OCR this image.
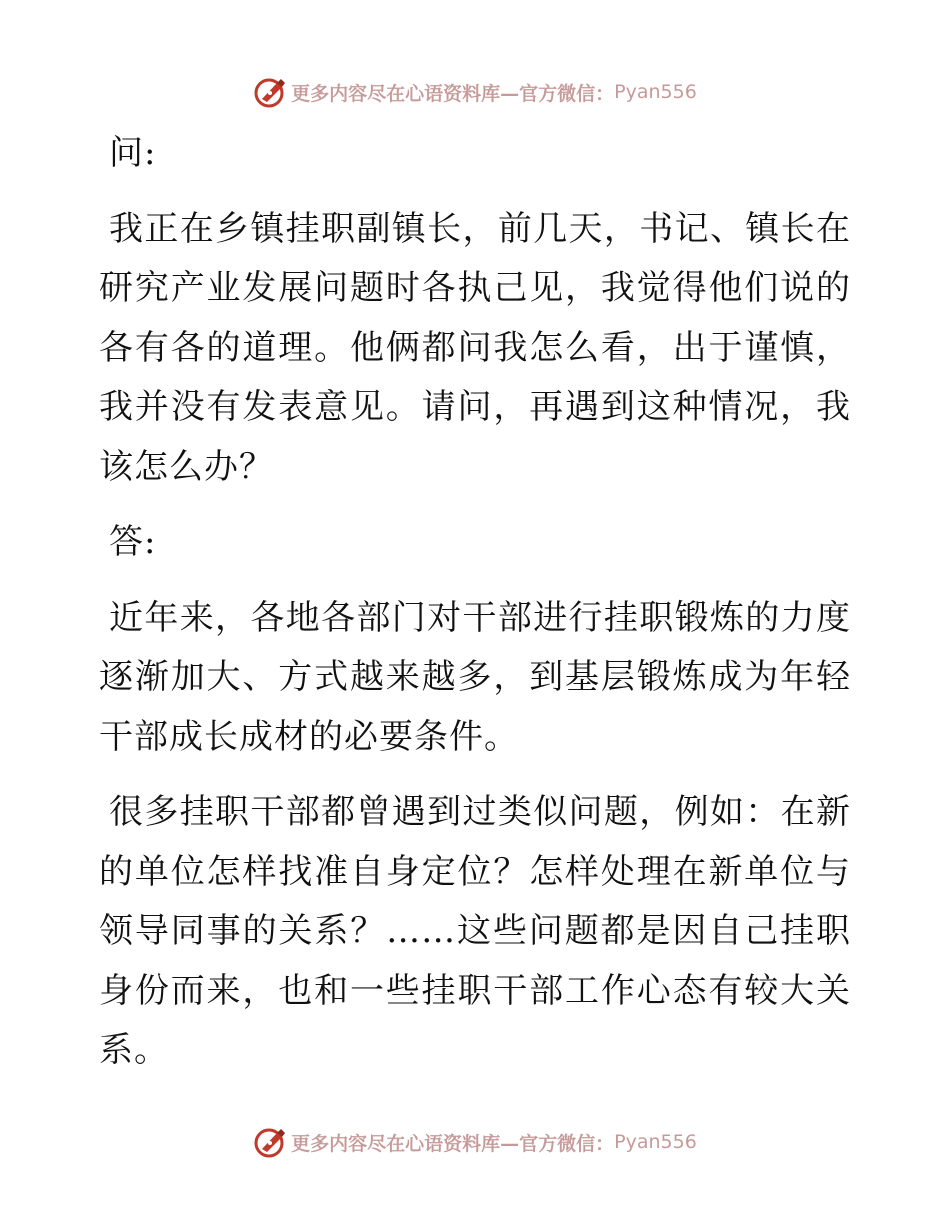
更多内容尽在心语资料库—官方微信： Pyan556

问:

我正在乡镇挂职副镇长，前几天，书记、镇长在研究产业发展问题时各执己见，我觉得他们说的各有各的道理。他俩都问我怎么看，出于谨慎，我并没有发表意见。请问，再遇到这种情况，我该怎么办？

答:

近年来，各地各部门对干部进行挂职锻炼的力度逐渐加大、方式越来越多，到基层锻炼成为年轻干部成长成材的必要条件。

很多挂职干部都曾遇到过类似问题，例如：在新的单位怎样找准自身定位？怎样处理在新单位与领导同事的关系？……这些问题都是因自己挂职身份而来，也和一些挂职干部工作心态有较大关系。

更多内容尽在心语资料库—官方微信： Pyan556
